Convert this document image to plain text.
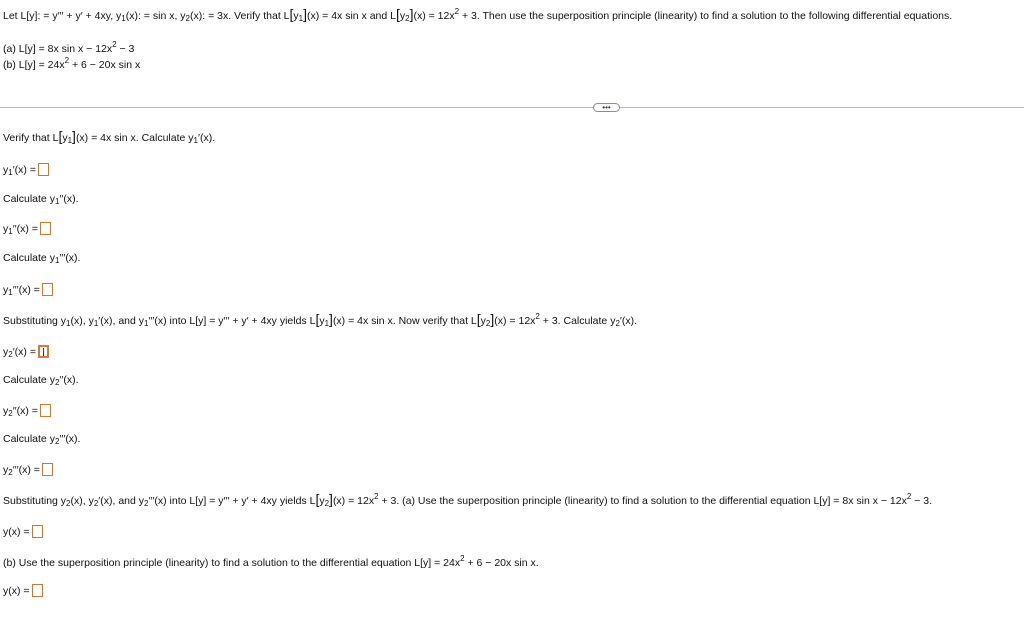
Let L[y]: = y′′′ + y′ + 4xy, $y_1(x)$: = sin x, $y_2(x)$: = 3x. Verify that $L[y_1](x) = 4x$ sin x and $L[y_2](x) = 12x^2 + 3$. Then use the superposition principle (linearity) to find a solution to the following differential equations.
(a) L[y] = 8x $\sin x - 12x^2 - 3$
(b) $L[y] = 24x^2 + 6 - 20x$ sin x
•••
Verify that $L[y_1](x) = 4x$ sin x. Calculate $y_1'(x)$.
$y_1'(x)$ =
Calculate $y_1''(x)$.
$y_1''(x)$ =
Calculate $y_1'''(x)$.
$y_1'''(x)$ =
Substituting $y_1(x)$, $y_1'(x)$, and $y_1'''(x)$ into L[y] = y′′′ + y′ + 4xy yields $L[y_1](x) = 4x$ sin x. Now verify that $L[y_2](x) = 12x^2 + 3$. Calculate $y_2'(x)$.
$y_2'(x)$ =
Calculate $y_2''(x)$.
$y_2''(x)$ =
Calculate $y_2'''(x)$.
$y_2'''(x)$ =
Substituting $y_2(x)$, $y_2'(x)$, and $y_2'''(x)$ into L[y] = y′′′ + y′ + 4xy yields $L[y_2](x) = 12x^2 + 3$. (a) Use the superposition principle (linearity) to find a solution to the differential equation L[y] = 8x $\sin x - 12x^2 - 3$.
y(x) =
(b) Use the superposition principle (linearity) to find a solution to the differential equation $L[y] = 24x^2 + 6 - 20x$ sin x.
y(x) =
